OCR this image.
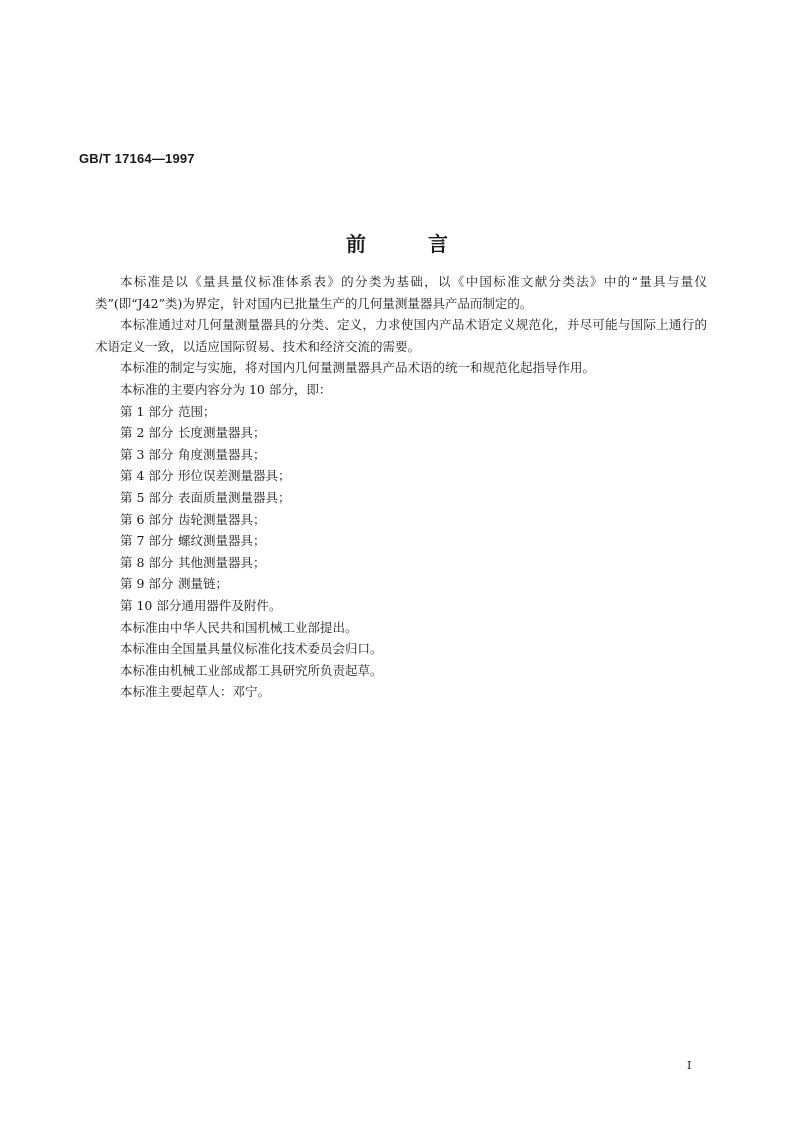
GB/T 17164—1997
前言

本标准是以《量具量仪标准体系表》的分类为基础，以《中国标准文献分类法》中的“量具与量仪类”(即“J42”类)为界定，针对国内已批量生产的几何量测量器具产品而制定的。

本标准通过对几何量测量器具的分类、定义，力求使国内产品术语定义规范化，并尽可能与国际上通行的术语定义一致，以适应国际贸易、技术和经济交流的需要。

本标准的制定与实施，将对国内几何量测量器具产品术语的统一和规范化起指导作用。

本标准的主要内容分为 10 部分，即：

第 1 部分 范围；
第 2 部分 长度测量器具；
第 3 部分 角度测量器具；
第 4 部分 形位误差测量器具；
第 5 部分 表面质量测量器具；
第 6 部分 齿轮测量器具；
第 7 部分 螺纹测量器具；
第 8 部分 其他测量器具；
第 9 部分 测量链；
第 10 部分通用器件及附件。

本标准由中华人民共和国机械工业部提出。

本标准由全国量具量仪标准化技术委员会归口。

本标准由机械工业部成都工具研究所负责起草。

本标准主要起草人：邓宁。

I
